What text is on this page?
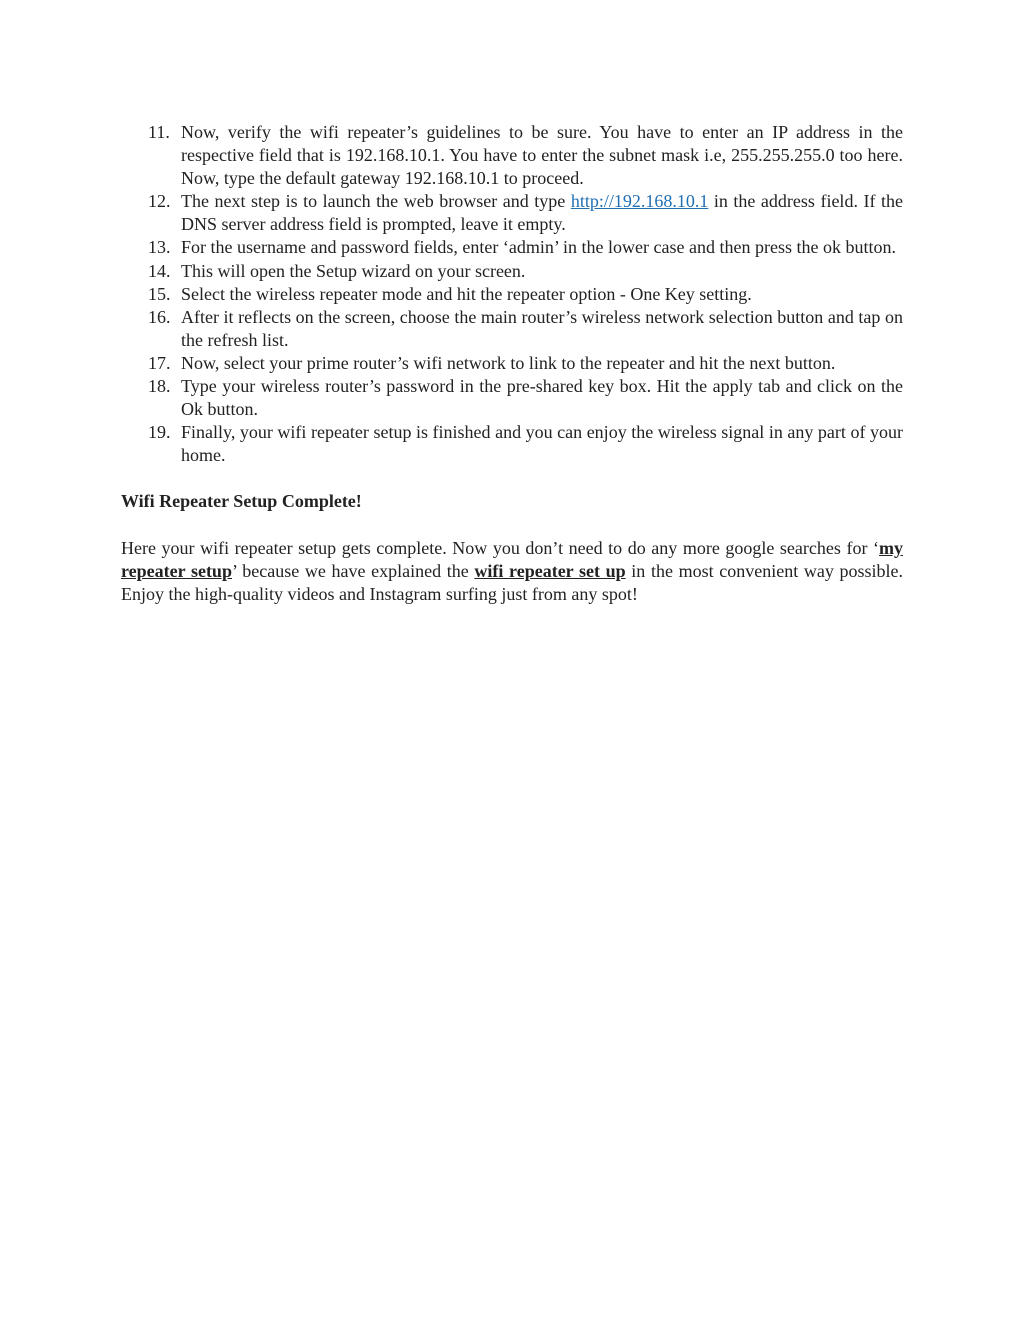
11. Now, verify the wifi repeater’s guidelines to be sure. You have to enter an IP address in the respective field that is 192.168.10.1. You have to enter the subnet mask i.e, 255.255.255.0 too here. Now, type the default gateway 192.168.10.1 to proceed.
12. The next step is to launch the web browser and type http://192.168.10.1 in the address field. If the DNS server address field is prompted, leave it empty.
13. For the username and password fields, enter ‘admin’ in the lower case and then press the ok button.
14. This will open the Setup wizard on your screen.
15. Select the wireless repeater mode and hit the repeater option - One Key setting.
16. After it reflects on the screen, choose the main router’s wireless network selection button and tap on the refresh list.
17. Now, select your prime router’s wifi network to link to the repeater and hit the next button.
18. Type your wireless router’s password in the pre-shared key box. Hit the apply tab and click on the Ok button.
19. Finally, your wifi repeater setup is finished and you can enjoy the wireless signal in any part of your home.
Wifi Repeater Setup Complete!

Here your wifi repeater setup gets complete. Now you don’t need to do any more google searches for ‘my repeater setup’ because we have explained the wifi repeater set up in the most convenient way possible. Enjoy the high-quality videos and Instagram surfing just from any spot!
